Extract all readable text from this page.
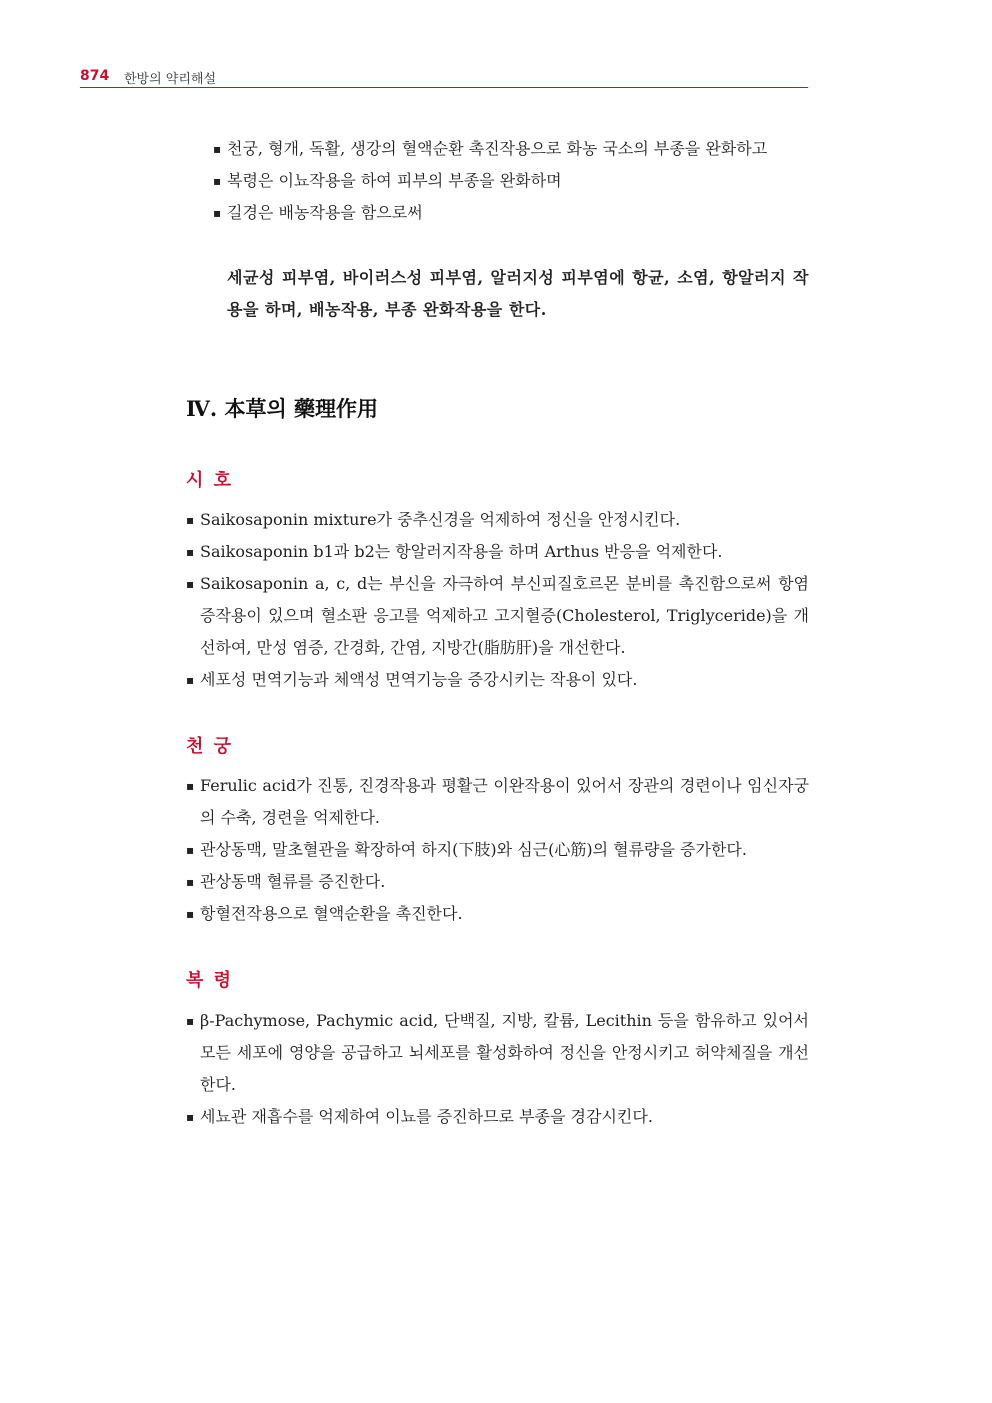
874 한방의 약리해설
▪ 천궁, 형개, 독활, 생강의 혈액순환 촉진작용으로 화농 국소의 부종을 완화하고
▪ 복령은 이뇨작용을 하여 피부의 부종을 완화하며
▪ 길경은 배농작용을 함으로써
세균성 피부염, 바이러스성 피부염, 알러지성 피부염에 항균, 소염, 항알러지 작용을 하며, 배농작용, 부종 완화작용을 한다.
Ⅳ. 本草의 藥理作用
시 호
▪ Saikosaponin mixture가 중추신경을 억제하여 정신을 안정시킨다.
▪ Saikosaponin b1과 b2는 항알러지작용을 하며 Arthus 반응을 억제한다.
▪ Saikosaponin a, c, d는 부신을 자극하여 부신피질호르몬 분비를 촉진함으로써 항염증작용이 있으며 혈소판 응고를 억제하고 고지혈증(Cholesterol, Triglyceride)을 개선하여, 만성 염증, 간경화, 간염, 지방간(脂肪肝)을 개선한다.
▪ 세포성 면역기능과 체액성 면역기능을 증강시키는 작용이 있다.
천 궁
▪ Ferulic acid가 진통, 진경작용과 평활근 이완작용이 있어서 장관의 경련이나 임신자궁의 수축, 경련을 억제한다.
▪ 관상동맥, 말초혈관을 확장하여 하지(下肢)와 심근(心筋)의 혈류량을 증가한다.
▪ 관상동맥 혈류를 증진한다.
▪ 항혈전작용으로 혈액순환을 촉진한다.
복 령
▪ β-Pachymose, Pachymic acid, 단백질, 지방, 칼륨, Lecithin 등을 함유하고 있어서 모든 세포에 영양을 공급하고 뇌세포를 활성화하여 정신을 안정시키고 허약체질을 개선한다.
▪ 세뇨관 재흡수를 억제하여 이뇨를 증진하므로 부종을 경감시킨다.
